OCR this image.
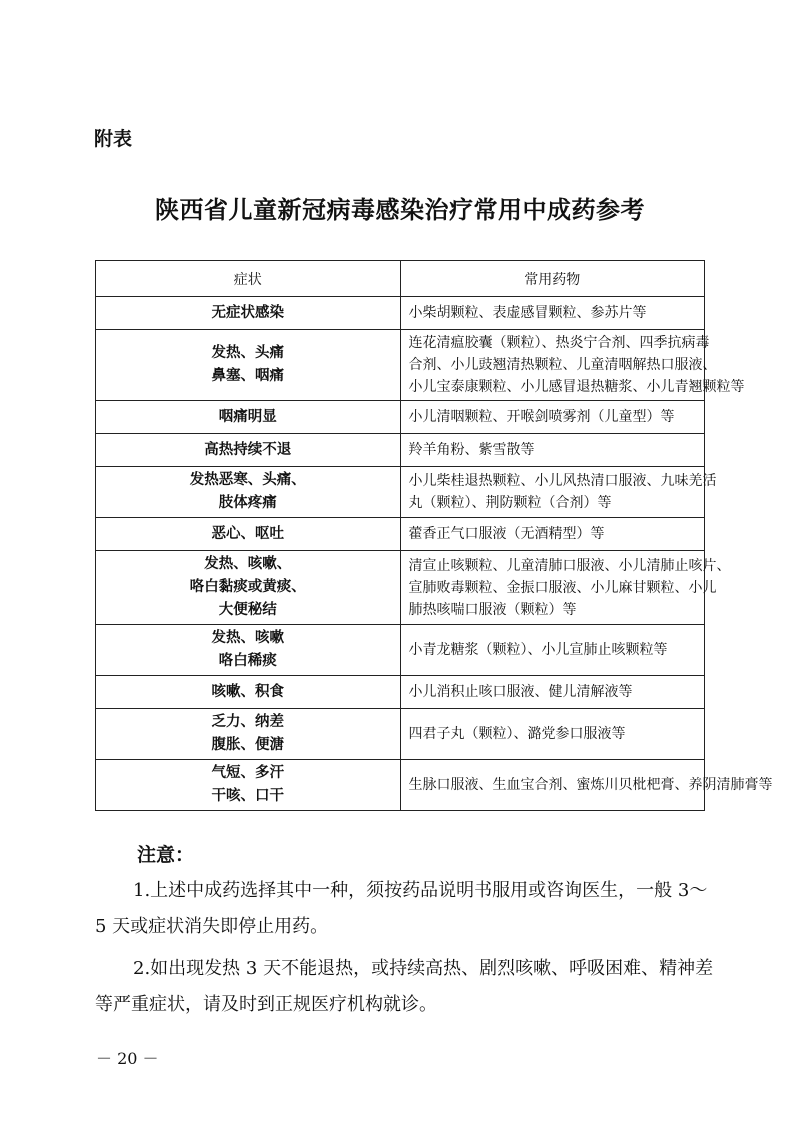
附表
陕西省儿童新冠病毒感染治疗常用中成药参考
症状	常用药物

无症状感染	小柴胡颗粒、表虚感冒颗粒、参苏片等

发热、头痛
鼻塞、咽痛	连花清瘟胶囊（颗粒）、热炎宁合剂、四季抗病毒
合剂、小儿豉翘清热颗粒、儿童清咽解热口服液、
小儿宝泰康颗粒、小儿感冒退热糖浆、小儿青翘颗粒等

咽痛明显	小儿清咽颗粒、开喉剑喷雾剂（儿童型）等

高热持续不退	羚羊角粉、紫雪散等

发热恶寒、头痛、
肢体疼痛	小儿柴桂退热颗粒、小儿风热清口服液、九味羌活
丸（颗粒）、荆防颗粒（合剂）等

恶心、呕吐	藿香正气口服液（无酒精型）等

发热、咳嗽、
咯白黏痰或黄痰、
大便秘结	清宣止咳颗粒、儿童清肺口服液、小儿清肺止咳片、
宣肺败毒颗粒、金振口服液、小儿麻甘颗粒、小儿
肺热咳喘口服液（颗粒）等

发热、咳嗽
咯白稀痰	小青龙糖浆（颗粒）、小儿宣肺止咳颗粒等

咳嗽、积食	小儿消积止咳口服液、健儿清解液等

乏力、纳差
腹胀、便溏	四君子丸（颗粒）、潞党参口服液等

气短、多汗
干咳、口干	生脉口服液、生血宝合剂、蜜炼川贝枇杷膏、养阴清肺膏等
注意：

1.上述中成药选择其中一种，须按药品说明书服用或咨询医生，一般 3～5 天或症状消失即停止用药。

2.如出现发热 3 天不能退热，或持续高热、剧烈咳嗽、呼吸困难、精神差等严重症状，请及时到正规医疗机构就诊。

－ 20 －
